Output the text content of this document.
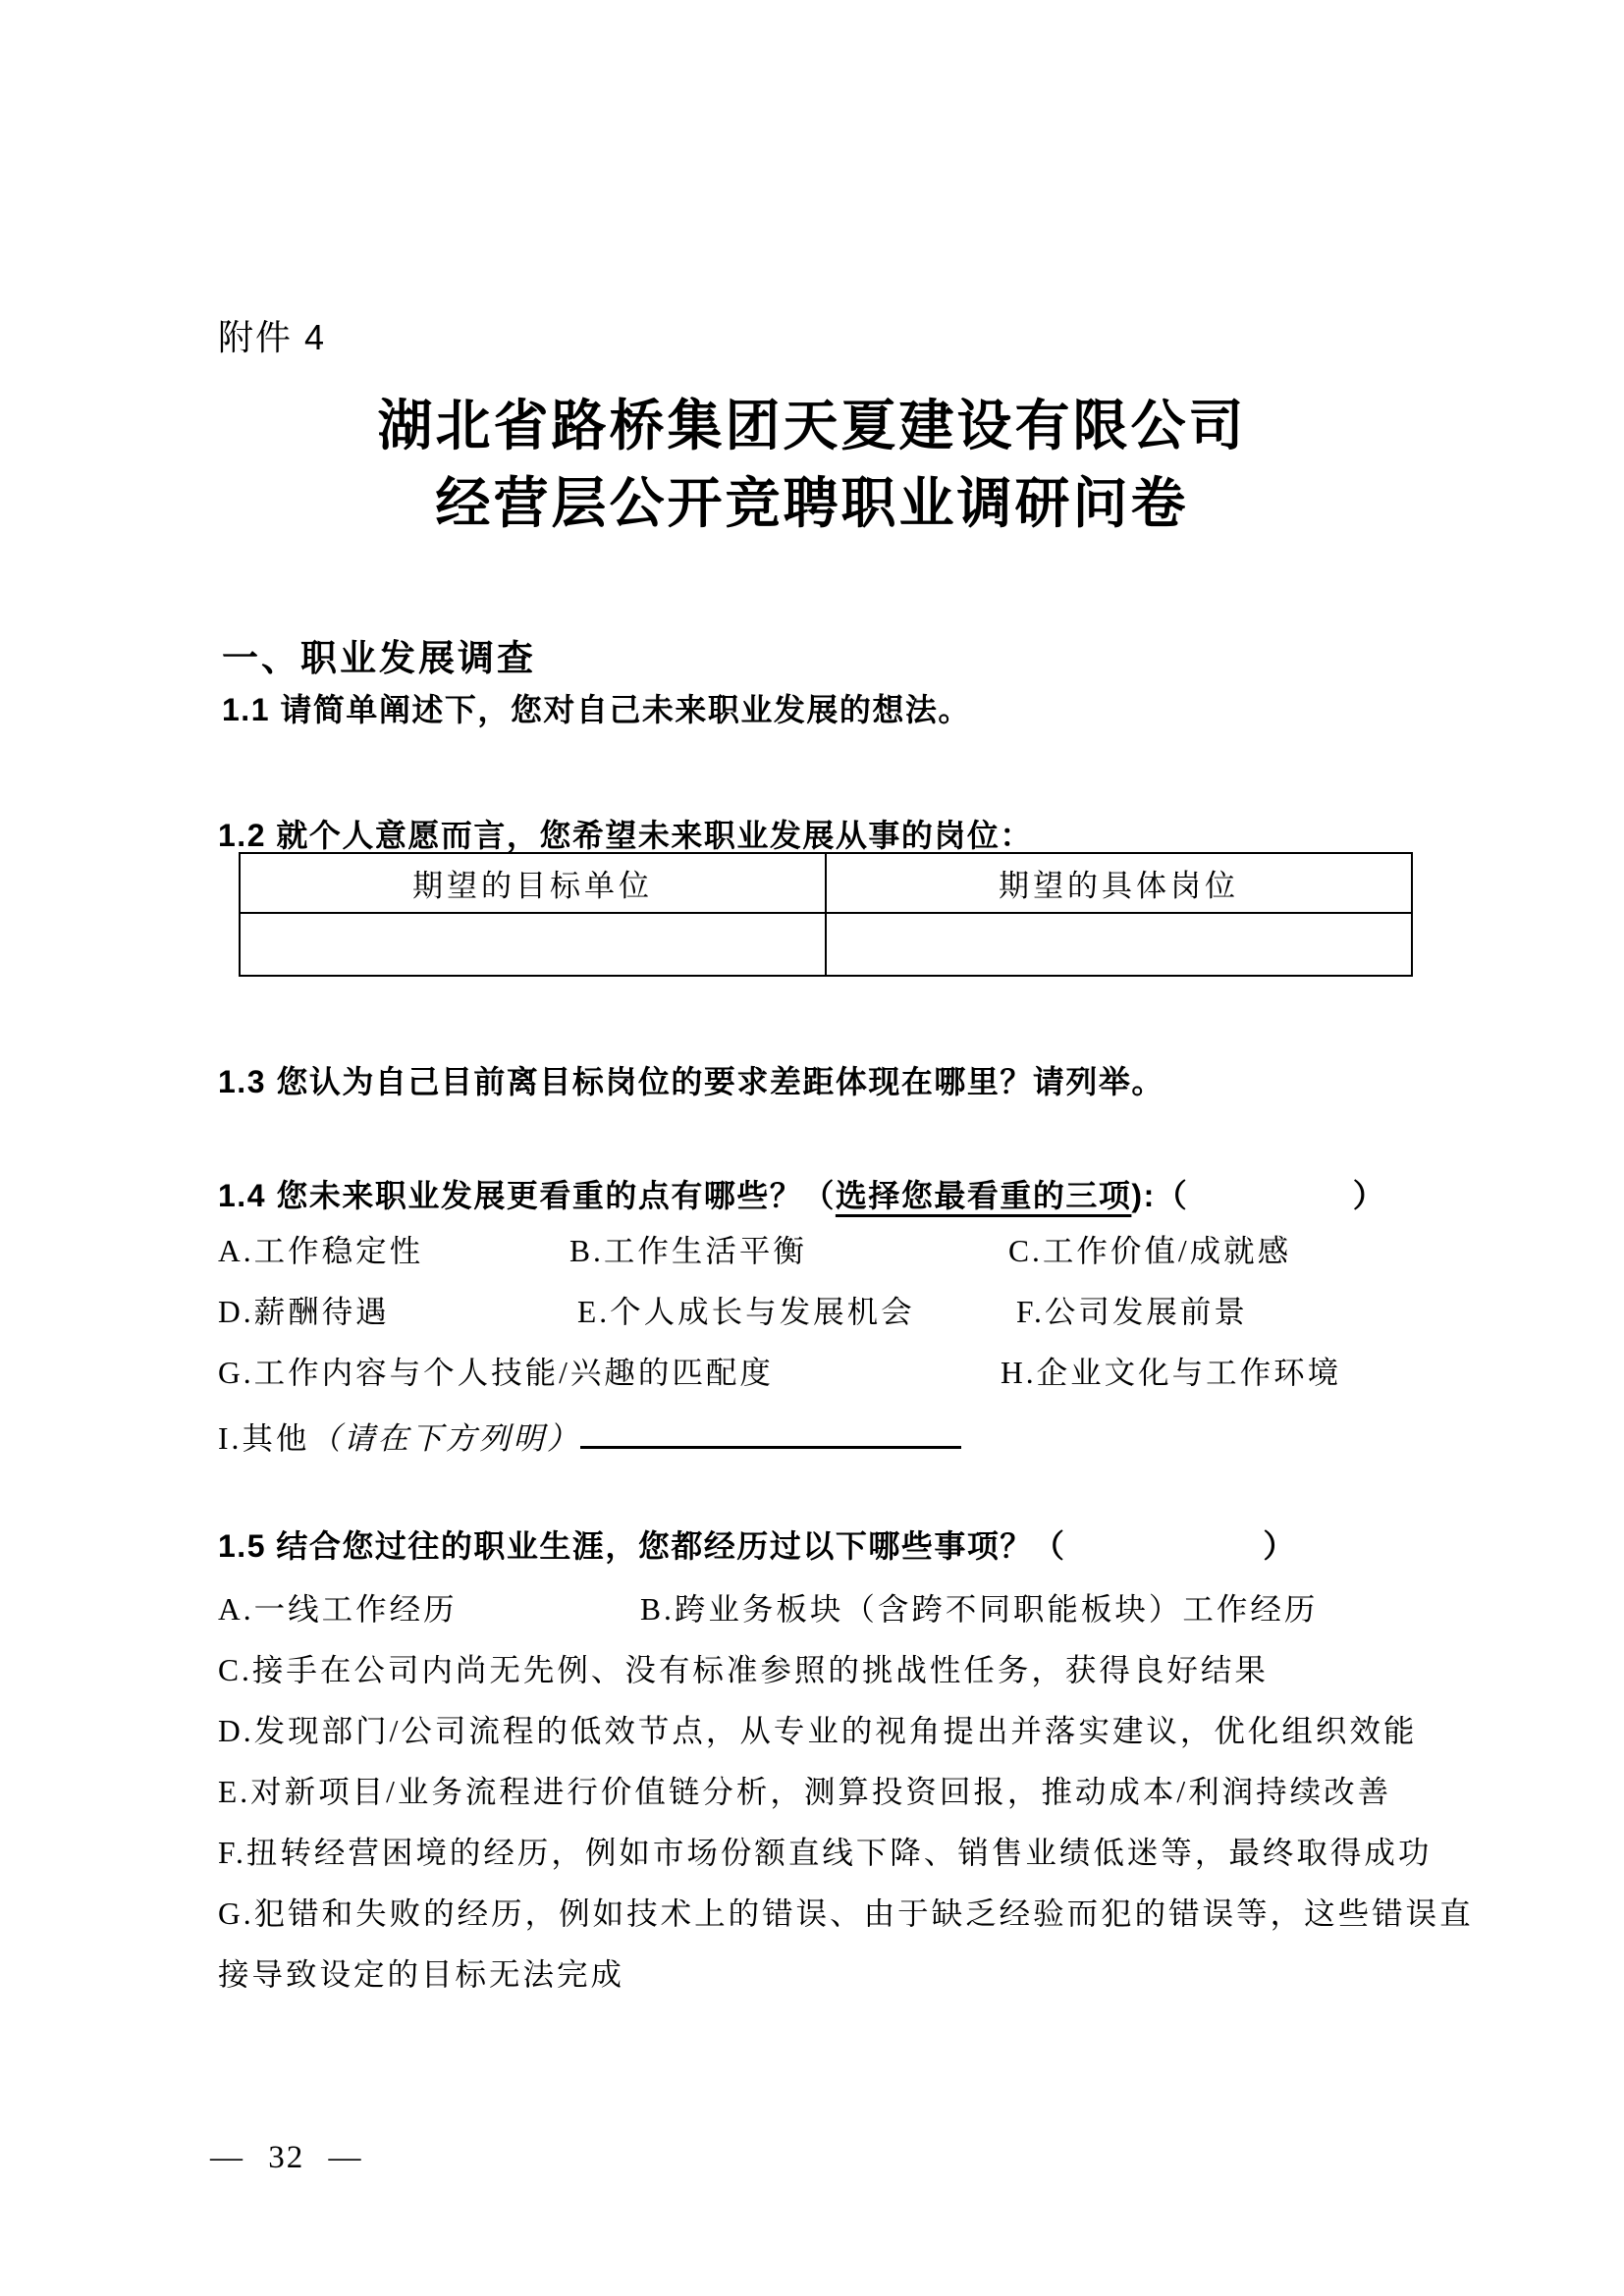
附件 4
湖北省路桥集团天夏建设有限公司
经营层公开竞聘职业调研问卷
一、职业发展调查
1.1 请简单阐述下，您对自己未来职业发展的想法。
1.2 就个人意愿而言，您希望未来职业发展从事的岗位：
期望的目标单位	期望的具体岗位

1.3 您认为自己目前离目标岗位的要求差距体现在哪里？请列举。
1.4 您未来职业发展更看重的点有哪些？（选择您最看重的三项):（　　　　　）
A.工作稳定性	B.工作生活平衡	C.工作价值/成就感
D.薪酬待遇	E.个人成长与发展机会	F.公司发展前景
G.工作内容与个人技能/兴趣的匹配度	H.企业文化与工作环境
I.其他（请在下方列明）
1.5 结合您过往的职业生涯，您都经历过以下哪些事项？（　　　　　　）
A.一线工作经历	B.跨业务板块（含跨不同职能板块）工作经历
C.接手在公司内尚无先例、没有标准参照的挑战性任务，获得良好结果
D.发现部门/公司流程的低效节点，从专业的视角提出并落实建议，优化组织效能
E.对新项目/业务流程进行价值链分析，测算投资回报，推动成本/利润持续改善
F.扭转经营困境的经历，例如市场份额直线下降、销售业绩低迷等，最终取得成功
G.犯错和失败的经历，例如技术上的错误、由于缺乏经验而犯的错误等，这些错误直
接导致设定的目标无法完成
— 32 —
